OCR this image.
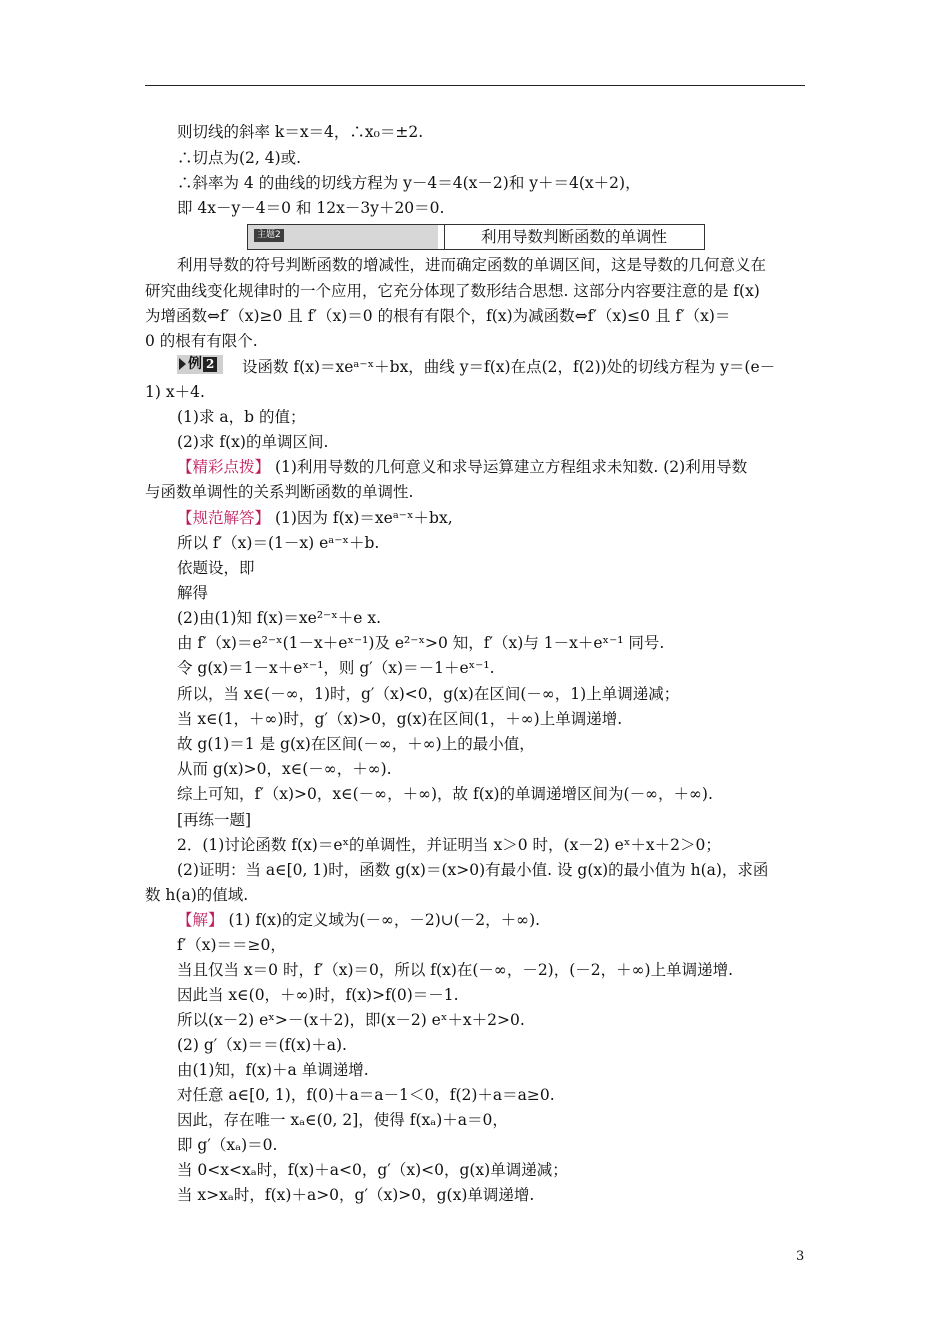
则切线的斜率 k＝x＝4，∴x₀＝±2.
∴切点为(2, 4)或.
∴斜率为 4 的曲线的切线方程为 y－4＝4(x－2)和 y＋＝4(x＋2)，
即 4x－y－4＝0 和 12x－3y＋20＝0.
主题2	利用导数判断函数的单调性
利用导数的符号判断函数的增减性，进而确定函数的单调区间，这是导数的几何意义在
研究曲线变化规律时的一个应用，它充分体现了数形结合思想. 这部分内容要注意的是 f(x)
为增函数⇔f′（x)≥0 且 f′（x)＝0 的根有有限个，f(x)为减函数⇔f′（x)≤0 且 f′（x)＝
0 的根有有限个.
例 2 设函数 f(x)＝xeᵃ⁻ˣ＋bx，曲线 y＝f(x)在点(2，f(2))处的切线方程为 y＝(e－
1) x＋4.
(1)求 a，b 的值；
(2)求 f(x)的单调区间.
【精彩点拨】 (1)利用导数的几何意义和求导运算建立方程组求未知数. (2)利用导数
与函数单调性的关系判断函数的单调性.
【规范解答】 (1)因为 f(x)＝xeᵃ⁻ˣ＋bx,
所以 f′（x)＝(1－x) eᵃ⁻ˣ＋b.
依题设，即
解得
(2)由(1)知 f(x)＝xe²⁻ˣ＋e x.
由 f′（x)＝e²⁻ˣ(1－x＋eˣ⁻¹)及 e²⁻ˣ>0 知，f′（x)与 1－x＋eˣ⁻¹ 同号.
令 g(x)＝1－x＋eˣ⁻¹，则 g′（x)＝－1＋eˣ⁻¹.
所以，当 x∈(－∞，1)时，g′（x)<0，g(x)在区间(－∞，1)上单调递减；
当 x∈(1，＋∞)时，g′（x)>0，g(x)在区间(1，＋∞)上单调递增.
故 g(1)＝1 是 g(x)在区间(－∞，＋∞)上的最小值，
从而 g(x)>0，x∈(－∞，＋∞).
综上可知，f′（x)>0，x∈(－∞，＋∞)，故 f(x)的单调递增区间为(－∞，＋∞).
[再练一题]
2．(1)讨论函数 f(x)＝eˣ的单调性，并证明当 x＞0 时，(x－2) eˣ＋x＋2＞0；
(2)证明：当 a∈[0, 1)时，函数 g(x)＝(x>0)有最小值. 设 g(x)的最小值为 h(a)，求函
数 h(a)的值域.
【解】 (1) f(x)的定义域为(－∞，－2)∪(－2，＋∞).
f′（x)＝＝≥0，
当且仅当 x＝0 时，f′（x)＝0，所以 f(x)在(－∞，－2)，(－2，＋∞)上单调递增.
因此当 x∈(0，＋∞)时，f(x)>f(0)＝－1.
所以(x－2) eˣ>－(x＋2)，即(x－2) eˣ＋x＋2>0.
(2) g′（x)＝＝(f(x)＋a).
由(1)知，f(x)＋a 单调递增.
对任意 a∈[0, 1)，f(0)＋a＝a－1＜0，f(2)＋a＝a≥0.
因此，存在唯一 xₐ∈(0, 2]，使得 f(xₐ)＋a＝0，
即 g′（xₐ)＝0.
当 0<x<xₐ时，f(x)＋a<0，g′（x)<0，g(x)单调递减；
当 x>xₐ时，f(x)＋a>0，g′（x)>0，g(x)单调递增.
3
